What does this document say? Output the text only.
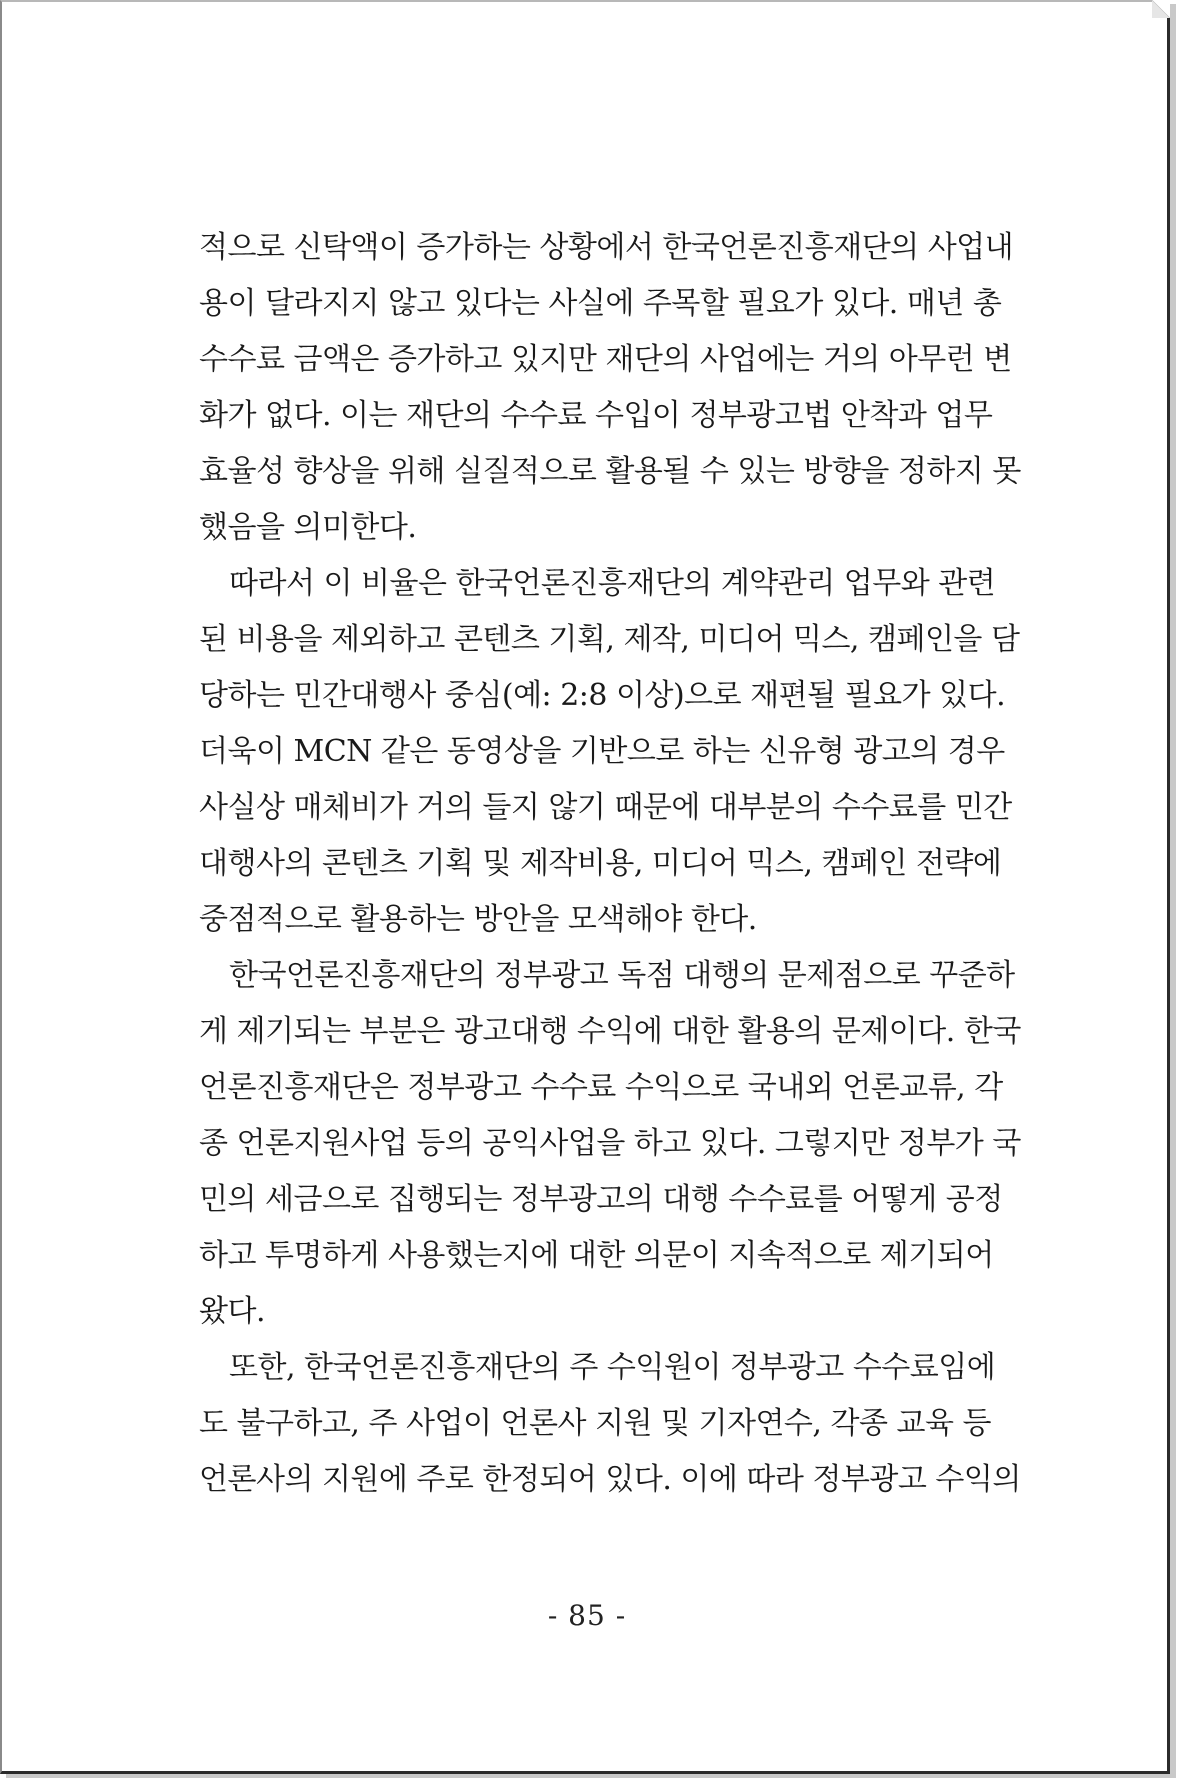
적으로 신탁액이 증가하는 상황에서 한국언론진흥재단의 사업내
용이 달라지지 않고 있다는 사실에 주목할 필요가 있다. 매년 총
수수료 금액은 증가하고 있지만 재단의 사업에는 거의 아무런 변
화가 없다. 이는 재단의 수수료 수입이 정부광고법 안착과 업무
효율성 향상을 위해 실질적으로 활용될 수 있는 방향을 정하지 못
했음을 의미한다.
따라서 이 비율은 한국언론진흥재단의 계약관리 업무와 관련
된 비용을 제외하고 콘텐츠 기획, 제작, 미디어 믹스, 캠페인을 담
당하는 민간대행사 중심(예: 2:8 이상)으로 재편될 필요가 있다.
더욱이 MCN 같은 동영상을 기반으로 하는 신유형 광고의 경우
사실상 매체비가 거의 들지 않기 때문에 대부분의 수수료를 민간
대행사의 콘텐츠 기획 및 제작비용, 미디어 믹스, 캠페인 전략에
중점적으로 활용하는 방안을 모색해야 한다.
한국언론진흥재단의 정부광고 독점 대행의 문제점으로 꾸준하
게 제기되는 부분은 광고대행 수익에 대한 활용의 문제이다. 한국
언론진흥재단은 정부광고 수수료 수익으로 국내외 언론교류, 각
종 언론지원사업 등의 공익사업을 하고 있다. 그렇지만 정부가 국
민의 세금으로 집행되는 정부광고의 대행 수수료를 어떻게 공정
하고 투명하게 사용했는지에 대한 의문이 지속적으로 제기되어
왔다.
또한, 한국언론진흥재단의 주 수익원이 정부광고 수수료임에
도 불구하고, 주 사업이 언론사 지원 및 기자연수, 각종 교육 등
언론사의 지원에 주로 한정되어 있다. 이에 따라 정부광고 수익의
- 85 -
